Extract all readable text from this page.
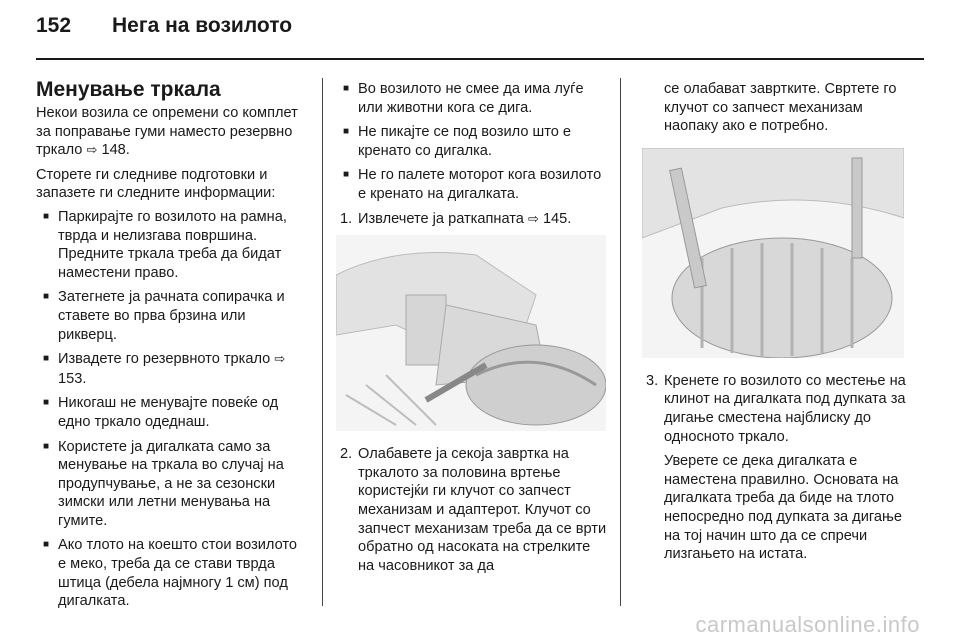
152 Нега на возилото
Менување тркала

Некои возила се опремени со комплет за поправање гуми наместо резервно тркало ⇨ 148.

Сторете ги следниве подготовки и запазете ги следните информации:

■ Паркирајте го возилото на рамна, тврда и нелизгава површина. Предните тркала треба да бидат наместени право.
■ Затегнете ја рачната сопирачка и ставете во прва брзина или рикверц.
■ Извадете го резервното тркало ⇨ 153.
■ Никогаш не менувајте повеќе од едно тркало одеднаш.
■ Користете ја дигалката само за менување на тркала во случај на продупчување, а не за сезонски зимски или летни менувања на гумите.
■ Ако тлото на коешто стои возилото е меко, треба да се стави тврда штица (дебела најмногу 1 см) под дигалката.
■ Во возилото не смее да има луѓе или животни кога се дига.
■ Не пикајте се под возило што е кренато со дигалка.
■ Не го палете моторот кога возилото е кренато на дигалката.
1. Извлечете ја раткапната ⇨ 145.
2. Олабавете ја секоја завртка на тркалото за половина вртење користејќи ги клучот со запчест механизам и адаптерот. Клучот со запчест механизам треба да се врти обратно од насоката на стрелките на часовникот за да

се олабават завртките. Свртете го клучот со запчест механизам наопаку ако е потребно.

3. Кренете го возилото со местење на клинот на дигалката под дупката за дигање сместена најблиску до односното тркало.

Уверете се дека дигалката е наместена правилно. Основата на дигалката треба да биде на тлото непосредно под дупката за дигање на тој начин што да се спречи лизгањето на истата.

carmanualsonline.info
